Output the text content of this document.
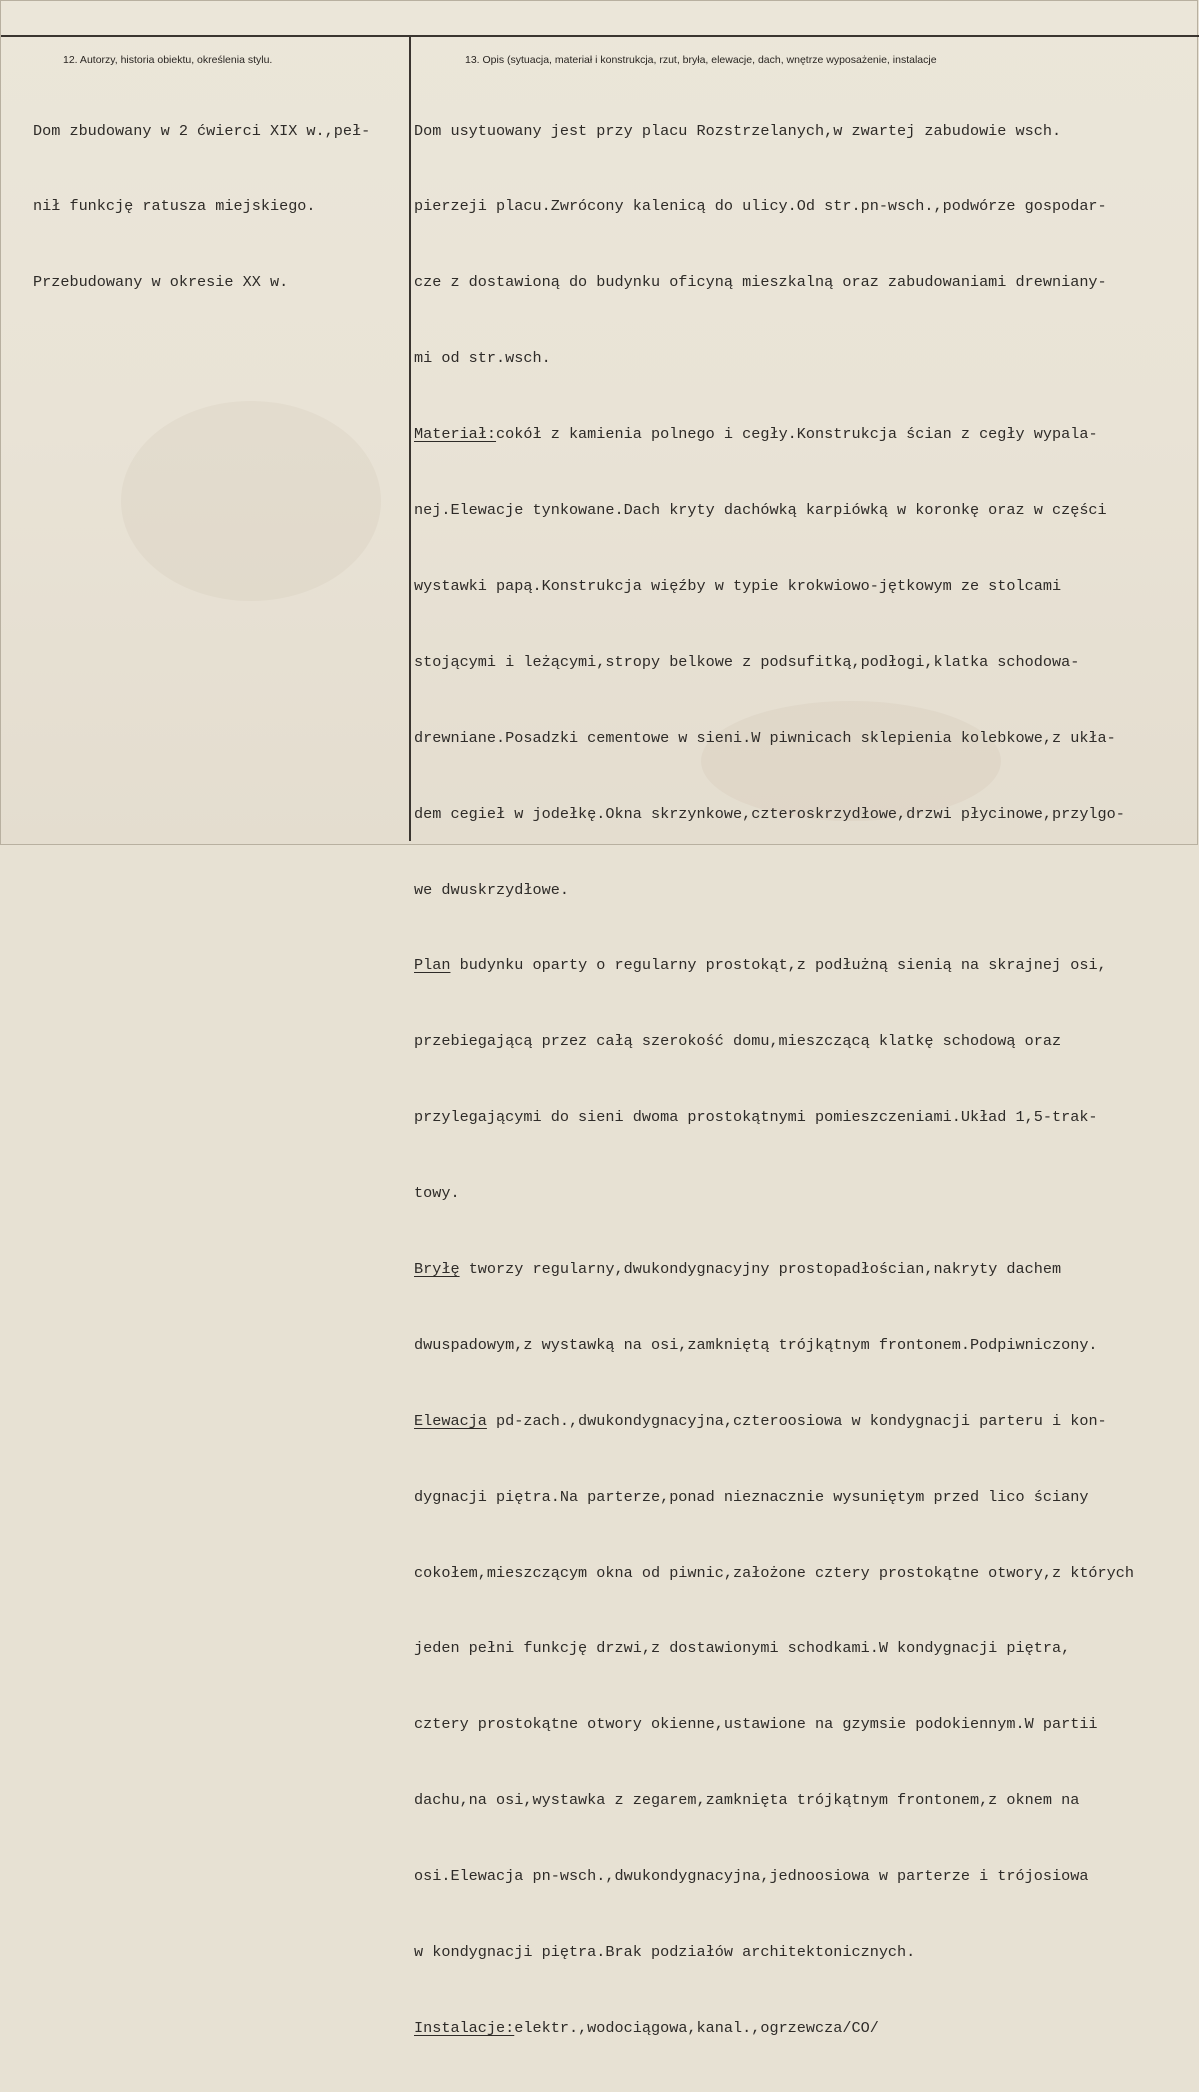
12. Autorzy, historia obiektu, określenia stylu.	13. Opis (sytuacja, materiał i konstrukcja, rzut, bryła, elewacje, dach, wnętrze wyposażenie, instalacje

Dom zbudowany w 2 ćwierci XIX w.,peł-

nił funkcję ratusza miejskiego.

Przebudowany w okresie XX w.

Dom usytuowany jest przy placu Rozstrzelanych,w zwartej zabudowie wsch.

pierzeji placu.Zwrócony kalenicą do ulicy.Od str.pn-wsch.,podwórze gospodar-

cze z dostawioną do budynku oficyną mieszkalną oraz zabudowaniami drewniany-

mi od str.wsch.

Materiał:cokół z kamienia polnego i cegły.Konstrukcja ścian z cegły wypala-

nej.Elewacje tynkowane.Dach kryty dachówką karpiówką w koronkę oraz w części

wystawki papą.Konstrukcja więźby w typie krokwiowo-jętkowym ze stolcami

stojącymi i leżącymi,stropy belkowe z podsufitką,podłogi,klatka schodowa-

drewniane.Posadzki cementowe w sieni.W piwnicach sklepienia kolebkowe,z ukła-

dem cegieł w jodełkę.Okna skrzynkowe,czteroskrzydłowe,drzwi płycinowe,przylgo-

we dwuskrzydłowe.

Plan budynku oparty o regularny prostokąt,z podłużną sienią na skrajnej osi,

przebiegającą przez całą szerokość domu,mieszczącą klatkę schodową oraz

przylegającymi do sieni dwoma prostokątnymi pomieszczeniami.Układ 1,5-trak-

towy.

Bryłę tworzy regularny,dwukondygnacyjny prostopadłościan,nakryty dachem

dwuspadowym,z wystawką na osi,zamkniętą trójkątnym frontonem.Podpiwniczony.

Elewacja pd-zach.,dwukondygnacyjna,czteroosiowa w kondygnacji parteru i kon-

dygnacji piętra.Na parterze,ponad nieznacznie wysuniętym przed lico ściany

cokołem,mieszczącym okna od piwnic,założone cztery prostokątne otwory,z których

jeden pełni funkcję drzwi,z dostawionymi schodkami.W kondygnacji piętra,

cztery prostokątne otwory okienne,ustawione na gzymsie podokiennym.W partii

dachu,na osi,wystawka z zegarem,zamknięta trójkątnym frontonem,z oknem na

osi.Elewacja pn-wsch.,dwukondygnacyjna,jednoosiowa w parterze i trójosiowa

w kondygnacji piętra.Brak podziałów architektonicznych.

Instalacje:elektr.,wodociągowa,kanal.,ogrzewcza/CO/
